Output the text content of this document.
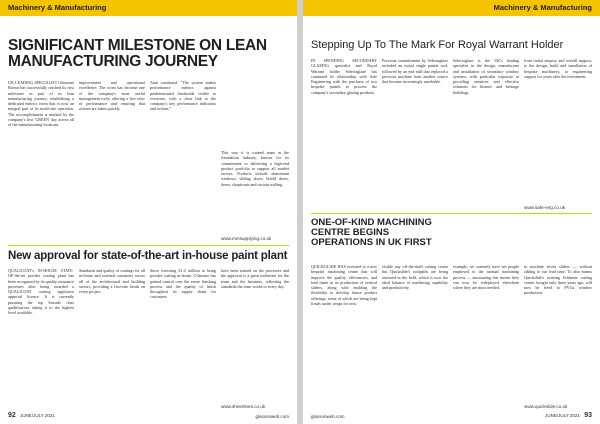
Machinery & Manufacturing
SIGNIFICANT MILESTONE ON LEAN MANUFACTURING JOURNEY

UK LEADING SPECIALIST Gilmoure Brown has successfully reached its first milestone as part of its lean manufacturing journey, establishing a dedicated metrics room that is now an integral part of its multi-site operation. The accomplishment is marked by the company's first 'GREEN' day across all of the manufacturing locations.

improvement and operational excellence. The room has become one of the company's most useful management tools, offering a live view of performance and ensuring that actions are taken quickly.

Alan continued: "The system makes performance metrics against predetermined thresholds visible to everyone, with a clear link to the company's key performance indicators and actions."

This way it is trained team in the foundation industry, known for its commitment to delivering a high-end product portfolio to support all market sectors. Products include aluminium windows, sliding doors, bifold doors, doors, shopfronts and curtain walling.

www.mmsupplying.co.uk
New approval for state-of-the-art in-house paint plant

QUALICOAT's IN-HOUSE STATE-OF-the-art powder coating plant has been recognised by its quality assurance processes after being awarded a QUALICOAT coating applicator approval licence. It is currently pursuing the top Seaside class qualification, taking it to the highest level available.

Standards and quality of coatings for all in-house and external customers across all of the architectural and building sectors, providing a first-rate finish on every project.

Since investing £1.4 million to bring powder coating in-house, Gilmoure has gained control over the entire finishing process and the quality of finish throughout its supply chain for customers.

have been trained on the processes and the approval is a great milestone for the team and the business, reflecting the standards the team works to every day.

www.sheerlines.co.uk
92 JUNE/JULY 2021	glassonweb.com
Machinery & Manufacturing
Stepping Up To The Mark For Royal Warrant Holder

IN SPENDING SECONDARY GLAZING specialist and Royal Warrant holder Selectaglaze has continued its relationship with Safe Engineering with the purchase of two bespoke panels to process the company's secondary glazing products.

Previous commitments by Selectaglaze included an initial single panels tool, followed by an end mill that replaced a previous machine from another source that became increasingly unreliable.

Selectaglaze is the UK's leading specialist in the design, manufacture and installation of secondary window systems, with particular expertise in providing sensitive and effective solutions for historic and heritage buildings.

from initial enquiry and overall support, to the design, build and installation of bespoke machinery, to engineering support for years after the investment.

www.safe-eng.co.uk
ONE-OF-KIND MACHINING CENTRE BEGINS OPERATIONS IN UK FIRST

QUICKGLIDE HAS invested in a new bespoke machining centre that will improve the quality, efficiencies, and lead times in its production of vertical sliders, along with enabling the flexibility to develop future product offerings, some of which are being kept firmly under wraps for now.

visible any off-the-shelf cutting centre but Quickslide's toolpaths are being assessed in the field, which is now the ideal balance of machining capability and productivity.

example, we currently have ten people employed in the manual machining process — automating this means they can now be redeployed elsewhere where they are most needed.

to machine seven sliders — without adding to our lead time. To also means Quickslide's existing Schirmer cutting centre, bought only three years ago, will now be freed to PVCu window production.

www.quickslide.co.uk
glassonweb.com	JUNE/JULY 2021 93
